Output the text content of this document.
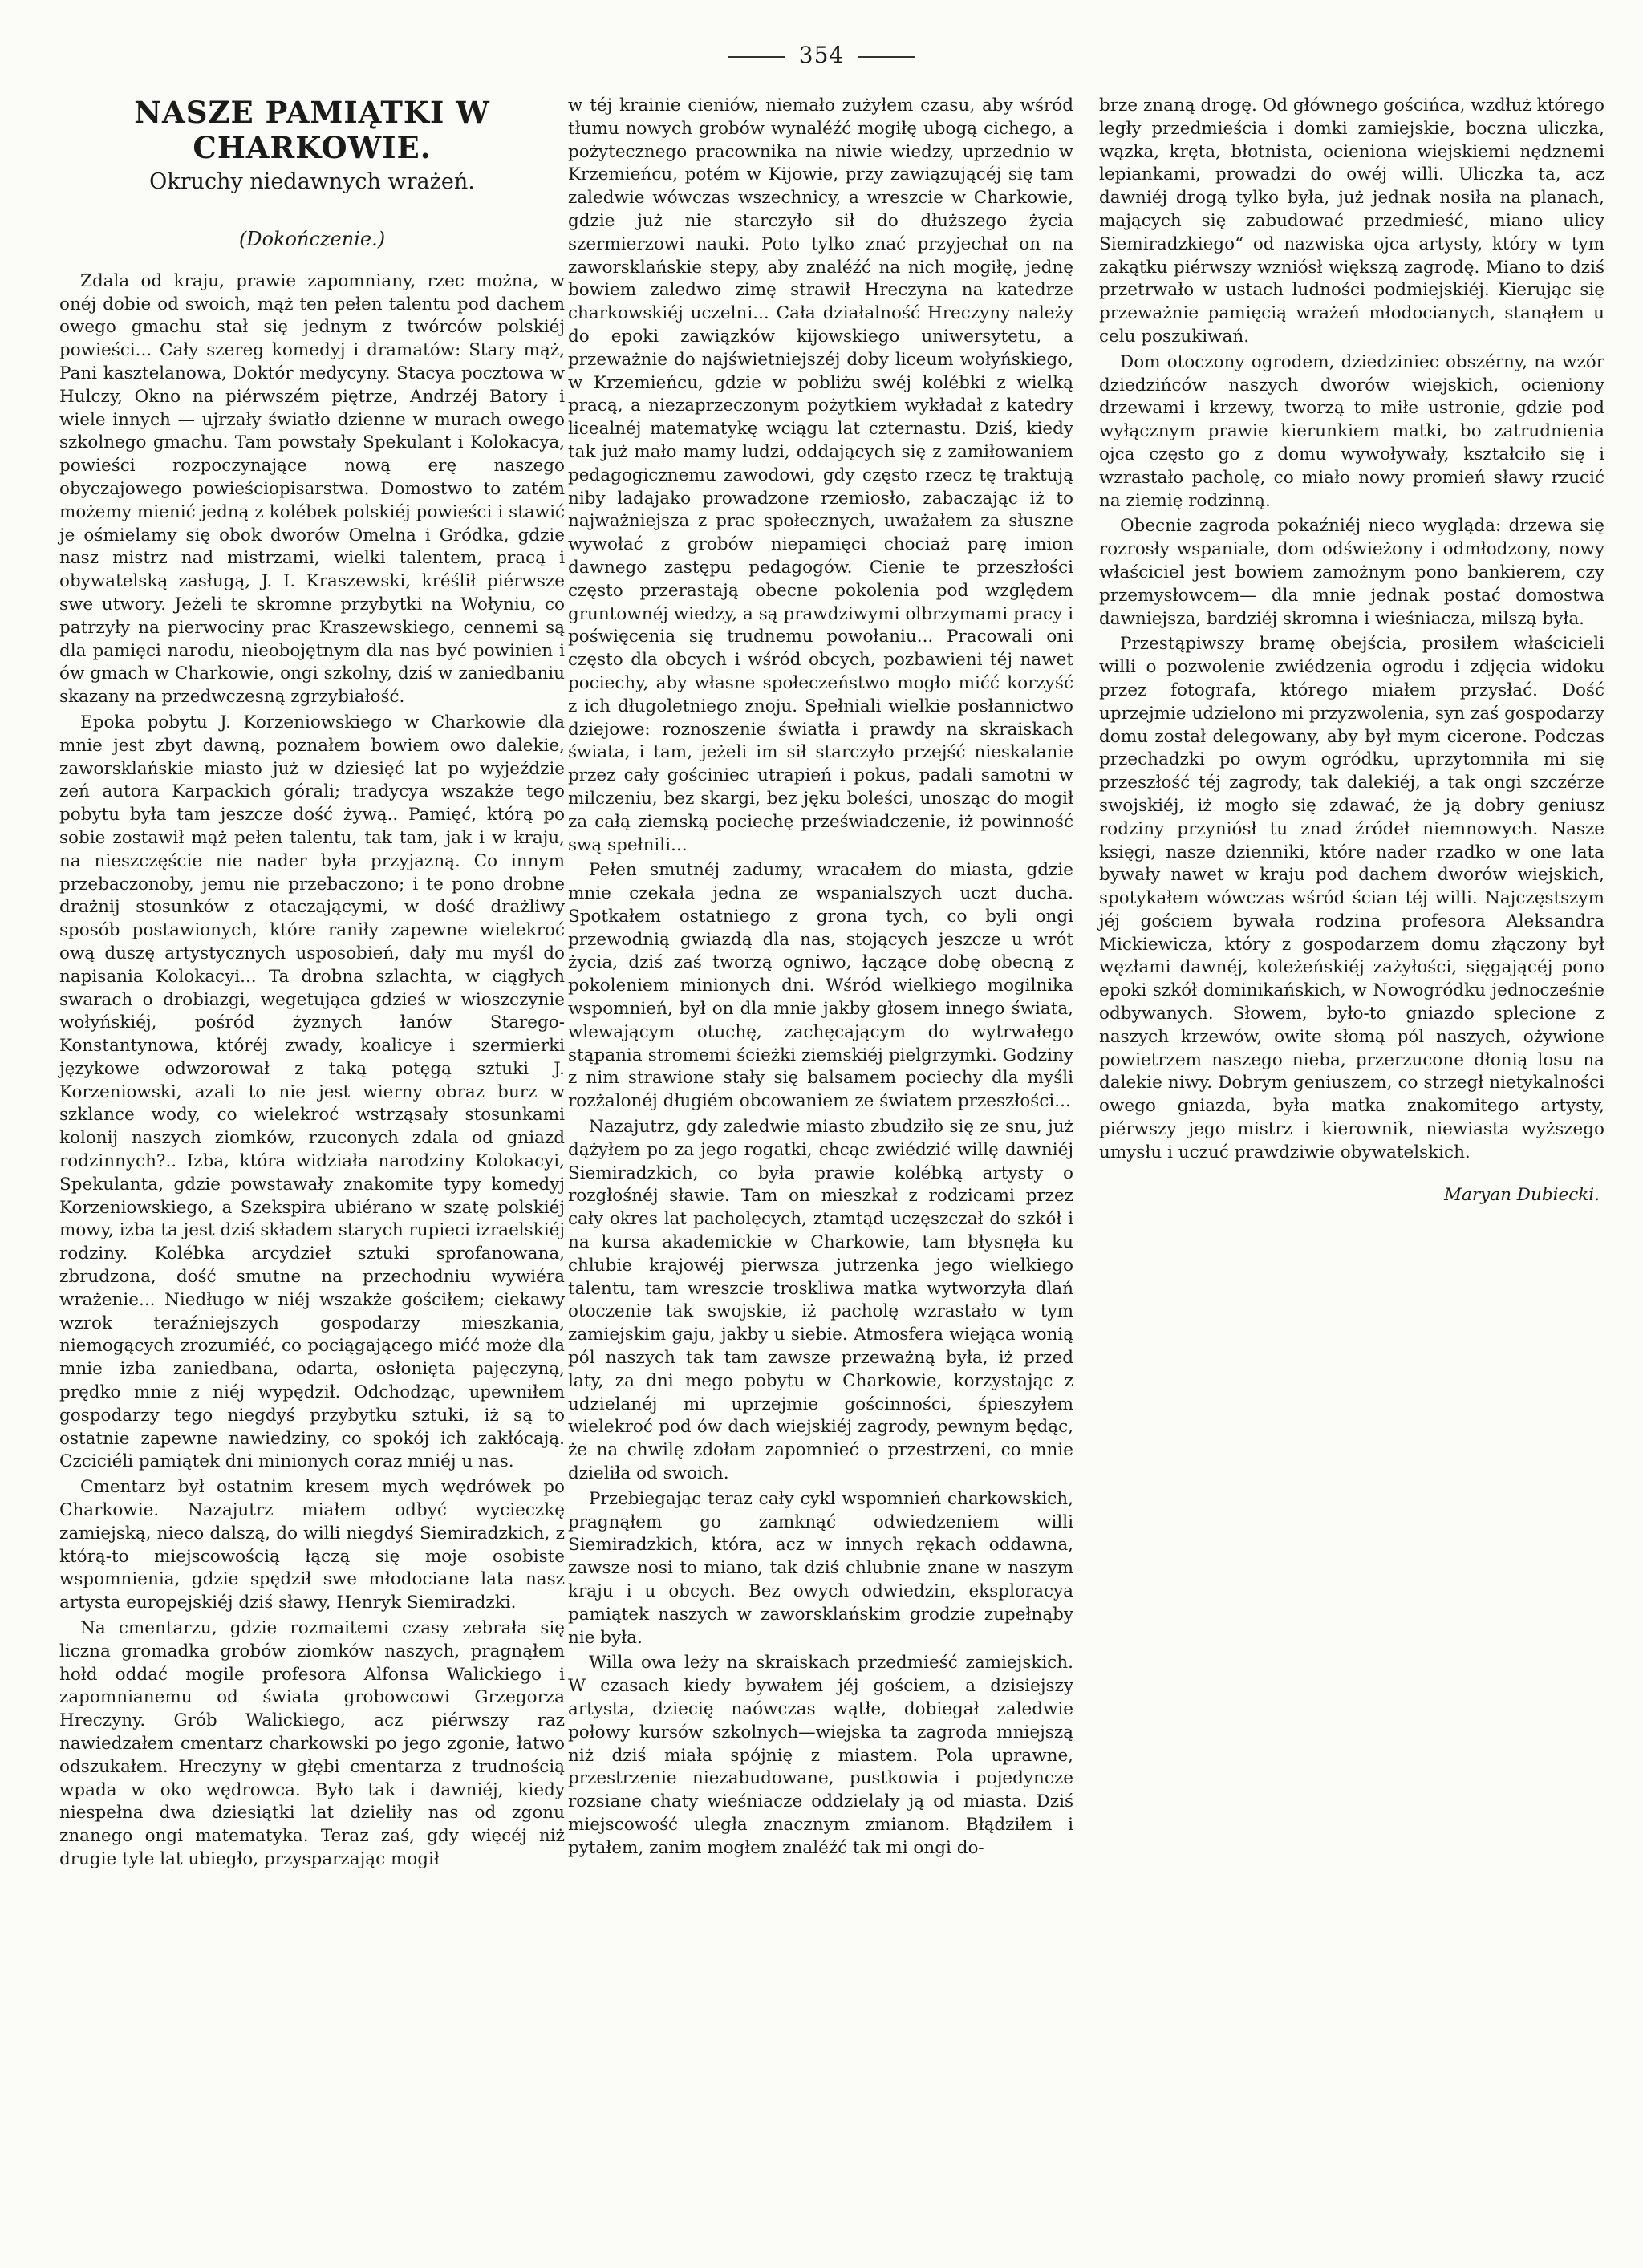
354
NASZE PAMIĄTKI W CHARKOWIE.
Okruchy niedawnych wrażeń.
(Dokończenie.)

Zdala od kraju, prawie zapomniany, rzec można, w onéj dobie od swoich, mąż ten pełen talentu pod dachem owego gmachu stał się jednym z twórców polskiéj powieści... Cały szereg komedyj i dramatów: Stary mąż, Pani kasztelanowa, Doktór medycyny. Stacya pocztowa w Hulczy, Okno na piérwszém piętrze, Andrzéj Batory i wiele innych — ujrzały światło dzienne w murach owego szkolnego gmachu. Tam powstały Spekulant i Kolokacya, powieści rozpoczynające nową erę naszego obyczajowego powieściopisarstwa. Domostwo to zatém możemy mienić jedną z kolébek polskiéj powieści i stawić je ośmielamy się obok dworów Omelna i Gródka, gdzie nasz mistrz nad mistrzami, wielki talentem, pracą i obywatelską zasługą, J. I. Kraszewski, kréślił piérwsze swe utwory. Jeżeli te skromne przybytki na Wołyniu, co patrzyły na pierwociny prac Kraszewskiego, cennemi są dla pamięci narodu, nieobojętnym dla nas być powinien i ów gmach w Charkowie, ongi szkolny, dziś w zaniedbaniu skazany na przedwczesną zgrzybiałość.

Epoka pobytu J. Korzeniowskiego w Charkowie dla mnie jest zbyt dawną, poznałem bowiem owo dalekie, zaworsklańskie miasto już w dziesięć lat po wyjeździe zeń autora Karpackich górali; tradycya wszakże tego pobytu była tam jeszcze dość żywą.. Pamięć, którą po sobie zostawił mąż pełen talentu, tak tam, jak i w kraju, na nieszczęście nie nader była przyjazną. Co innym przebaczonoby, jemu nie przebaczono; i te pono drobne drażnij stosunków z otaczającymi, w dość drażliwy sposób postawionych, które raniły zapewne wielekroć ową duszę artystycznych usposobień, dały mu myśl do napisania Kolokacyi... Ta drobna szlachta, w ciągłych swarach o drobiazgi, wegetująca gdzieś w wioszczynie wołyńskiéj, pośród żyznych łanów Starego-Konstantynowa, któréj zwady, koalicye i szermierki językowe odwzorował z taką potęgą sztuki J. Korzeniowski, azali to nie jest wierny obraz burz w szklance wody, co wielekroć wstrząsały stosunkami kolonij naszych ziomków, rzuconych zdala od gniazd rodzinnych?.. Izba, która widziała narodziny Kolokacyi, Spekulanta, gdzie powstawały znakomite typy komedyj Korzeniowskiego, a Szekspira ubiérano w szatę polskiéj mowy, izba ta jest dziś składem starych rupieci izraelskiéj rodziny. Kolébka arcydzieł sztuki sprofanowana, zbrudzona, dość smutne na przechodniu wywiéra wrażenie... Niedługo w niéj wszakże gościłem; ciekawy wzrok teraźniejszych gospodarzy mieszkania, niemogących zrozumiéć, co pociągającego mićć może dla mnie izba zaniedbana, odarta, osłonięta pajęczyną, prędko mnie z niéj wypędził. Odchodząc, upewniłem gospodarzy tego niegdyś przybytku sztuki, iż są to ostatnie zapewne nawiedziny, co spokój ich zakłócają. Czciciéli pamiątek dni minionych coraz mniéj u nas.

Cmentarz był ostatnim kresem mych wędrówek po Charkowie. Nazajutrz miałem odbyć wycieczkę zamiejską, nieco dalszą, do willi niegdyś Siemiradzkich, z którą-to miejscowością łączą się moje osobiste wspomnienia, gdzie spędził swe młodociane lata nasz artysta europejskiéj dziś sławy, Henryk Siemiradzki.

Na cmentarzu, gdzie rozmaitemi czasy zebrała się liczna gromadka grobów ziomków naszych, pragnąłem hołd oddać mogile profesora Alfonsa Walickiego i zapomnianemu od świata grobowcowi Grzegorza Hreczyny. Grób Walickiego, acz piérwszy raz nawiedzałem cmentarz charkowski po jego zgonie, łatwo odszukałem. Hreczyny w głębi cmentarza z trudnością wpada w oko wędrowca. Było tak i dawniéj, kiedy niespełna dwa dziesiątki lat dzieliły nas od zgonu znanego ongi matematyka. Teraz zaś, gdy więcéj niż drugie tyle lat ubiegło, przysparzając mogił

w téj krainie cieniów, niemało zużyłem czasu, aby wśród tłumu nowych grobów wynaléźć mogiłę ubogą cichego, a pożytecznego pracownika na niwie wiedzy, uprzednio w Krzemieńcu, potém w Kijowie, przy zawiązującéj się tam zaledwie wówczas wszechnicy, a wreszcie w Charkowie, gdzie już nie starczyło sił do dłuższego życia szermierzowi nauki. Poto tylko znać przyjechał on na zaworsklańskie stepy, aby znaléźć na nich mogiłę, jednę bowiem zaledwo zimę strawił Hreczyna na katedrze charkowskiéj uczelni... Cała działalność Hreczyny należy do epoki zawiązków kijowskiego uniwersytetu, a przeważnie do najświetniejszéj doby liceum wołyńskiego, w Krzemieńcu, gdzie w pobliżu swéj kolébki z wielką pracą, a niezaprzeczonym pożytkiem wykładał z katedry licealnéj matematykę wciągu lat czternastu. Dziś, kiedy tak już mało mamy ludzi, oddających się z zamiłowaniem pedagogicznemu zawodowi, gdy często rzecz tę traktują niby ladajako prowadzone rzemiosło, zabaczając iż to najważniejsza z prac społecznych, uważałem za słuszne wywołać z grobów niepamięci chociaż parę imion dawnego zastępu pedagogów. Cienie te przeszłości często przerastają obecne pokolenia pod względem gruntownéj wiedzy, a są prawdziwymi olbrzymami pracy i poświęcenia się trudnemu powołaniu... Pracowali oni często dla obcych i wśród obcych, pozbawieni téj nawet pociechy, aby własne społeczeństwo mogło mićć korzyść z ich długoletniego znoju. Spełniali wielkie posłannictwo dziejowe: roznoszenie światła i prawdy na skraiskach świata, i tam, jeżeli im sił starczyło przejść nieskalanie przez cały gościniec utrapień i pokus, padali samotni w milczeniu, bez skargi, bez jęku boleści, unosząc do mogił za całą ziemską pociechę przeświadczenie, iż powinność swą spełnili...

Pełen smutnéj zadumy, wracałem do miasta, gdzie mnie czekała jedna ze wspanialszych uczt ducha. Spotkałem ostatniego z grona tych, co byli ongi przewodnią gwiazdą dla nas, stojących jeszcze u wrót życia, dziś zaś tworzą ogniwo, łączące dobę obecną z pokoleniem minionych dni. Wśród wielkiego mogilnika wspomnień, był on dla mnie jakby głosem innego świata, wlewającym otuchę, zachęcającym do wytrwałego stąpania stromemi ścieżki ziemskiéj pielgrzymki. Godziny z nim strawione stały się balsamem pociechy dla myśli rozżalonéj długiém obcowaniem ze światem przeszłości...

Nazajutrz, gdy zaledwie miasto zbudziło się ze snu, już dążyłem po za jego rogatki, chcąc zwiédzić willę dawniéj Siemiradzkich, co była prawie kolébką artysty o rozgłośnéj sławie. Tam on mieszkał z rodzicami przez cały okres lat pacholęcych, ztamtąd uczęszczał do szkół i na kursa akademickie w Charkowie, tam błysnęła ku chlubie krajowéj pierwsza jutrzenka jego wielkiego talentu, tam wreszcie troskliwa matka wytworzyła dlań otoczenie tak swojskie, iż pacholę wzrastało w tym zamiejskim gaju, jakby u siebie. Atmosfera wiejąca wonią pól naszych tak tam zawsze przeważną była, iż przed laty, za dni mego pobytu w Charkowie, korzystając z udzielanéj mi uprzejmie gościnności, śpieszyłem wielekroć pod ów dach wiejskiéj zagrody, pewnym będąc, że na chwilę zdołam zapomnieć o przestrzeni, co mnie dzieliła od swoich.

Przebiegając teraz cały cykl wspomnień charkowskich, pragnąłem go zamknąć odwiedzeniem willi Siemiradzkich, która, acz w innych rękach oddawna, zawsze nosi to miano, tak dziś chlubnie znane w naszym kraju i u obcych. Bez owych odwiedzin, eksploracya pamiątek naszych w zaworsklańskim grodzie zupełnąby nie była.

Willa owa leży na skraiskach przedmieść zamiejskich. W czasach kiedy bywałem jéj gościem, a dzisiejszy artysta, dziecię naówczas wątłe, dobiegał zaledwie połowy kursów szkolnych—wiejska ta zagroda mniejszą niż dziś miała spójnię z miastem. Pola uprawne, przestrzenie niezabudowane, pustkowia i pojedyncze rozsiane chaty wieśniacze oddzielały ją od miasta. Dziś miejscowość uległa znacznym zmianom. Błądziłem i pytałem, zanim mogłem znaléźć tak mi ongi do-

brze znaną drogę. Od głównego gościńca, wzdłuż którego legły przedmieścia i domki zamiejskie, boczna uliczka, wązka, kręta, błotnista, ocieniona wiejskiemi nędznemi lepiankami, prowadzi do owéj willi. Uliczka ta, acz dawniéj drogą tylko była, już jednak nosiła na planach, mających się zabudować przedmieść, miano ulicy Siemiradzkiego“ od nazwiska ojca artysty, który w tym zakątku piérwszy wzniósł większą zagrodę. Miano to dziś przetrwało w ustach ludności podmiejskiéj. Kierując się przeważnie pamięcią wrażeń młodocianych, stanąłem u celu poszukiwań.

Dom otoczony ogrodem, dziedziniec obszérny, na wzór dziedzińców naszych dworów wiejskich, ocieniony drzewami i krzewy, tworzą to miłe ustronie, gdzie pod wyłącznym prawie kierunkiem matki, bo zatrudnienia ojca często go z domu wywoływały, kształciło się i wzrastało pacholę, co miało nowy promień sławy rzucić na ziemię rodzinną.

Obecnie zagroda pokaźniéj nieco wygląda: drzewa się rozrosły wspaniale, dom odświeżony i odmłodzony, nowy właściciel jest bowiem zamożnym pono bankierem, czy przemysłowcem— dla mnie jednak postać domostwa dawniejsza, bardziéj skromna i wieśniacza, milszą była.

Przestąpiwszy bramę obejścia, prosiłem właścicieli willi o pozwolenie zwiédzenia ogrodu i zdjęcia widoku przez fotografa, którego miałem przysłać. Dość uprzejmie udzielono mi przyzwolenia, syn zaś gospodarzy domu został delegowany, aby był mym cicerone. Podczas przechadzki po owym ogródku, uprzytomniła mi się przeszłość téj zagrody, tak dalekiéj, a tak ongi szczérze swojskiéj, iż mogło się zdawać, że ją dobry geniusz rodziny przyniósł tu znad źródeł niemnowych. Nasze księgi, nasze dzienniki, które nader rzadko w one lata bywały nawet w kraju pod dachem dworów wiejskich, spotykałem wówczas wśród ścian téj willi. Najczęstszym jéj gościem bywała rodzina profesora Aleksandra Mickiewicza, który z gospodarzem domu złączony był węzłami dawnéj, koleżeńskiéj zażyłości, sięgającéj pono epoki szkół dominikańskich, w Nowogródku jednocześnie odbywanych. Słowem, było-to gniazdo splecione z naszych krzewów, owite słomą pól naszych, ożywione powietrzem naszego nieba, przerzucone dłonią losu na dalekie niwy. Dobrym geniuszem, co strzegł nietykalności owego gniazda, była matka znakomitego artysty, piérwszy jego mistrz i kierownik, niewiasta wyższego umysłu i uczuć prawdziwie obywatelskich.

Maryan Dubiecki.
